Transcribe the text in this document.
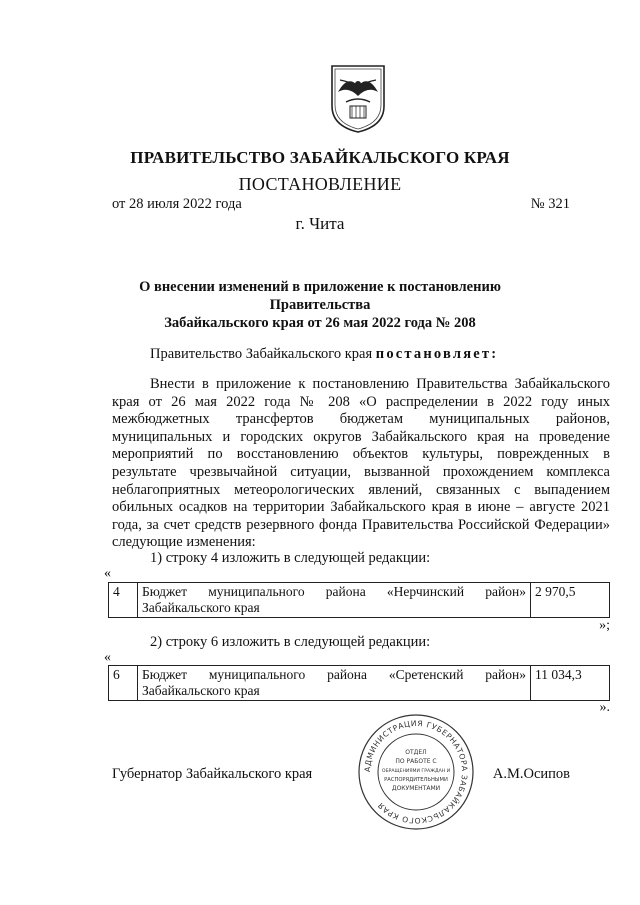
ПРАВИТЕЛЬСТВО ЗАБАЙКАЛЬСКОГО КРАЯ
ПОСТАНОВЛЕНИЕ
от 28 июля 2022 года	№ 321
г. Чита
О внесении изменений в приложение к постановлению Правительства
Забайкальского края от 26 мая 2022 года № 208
Правительство Забайкальского края постановляет:
Внести в приложение к постановлению Правительства Забайкальского края от 26 мая 2022 года № 208 «О распределении в 2022 году иных межбюджетных трансфертов бюджетам муниципальных районов, муниципальных и городских округов Забайкальского края на проведение мероприятий по восстановлению объектов культуры, поврежденных в результате чрезвычайной ситуации, вызванной прохождением комплекса неблагоприятных метеорологических явлений, связанных с выпадением обильных осадков на территории Забайкальского края в июне – августе 2021 года, за счет средств резервного фонда Правительства Российской Федерации» следующие изменения:
1) строку 4 изложить в следующей редакции:
«
4	Бюджет муниципального района «Нерчинский район»
Забайкальского края
	2 970,5
»;
2) строку 6 изложить в следующей редакции:
«
6	Бюджет муниципального района «Сретенский район»
Забайкальского края
	11 034,3
».
АДМИНИСТРАЦИЯ ГУБЕРНАТОРА ЗАБАЙКАЛЬСКОГО КРАЯ
ОТДЕЛ
ПО РАБОТЕ С
ОБРАЩЕНИЯМИ ГРАЖДАН И
РАСПОРЯДИТЕЛЬНЫМИ
ДОКУМЕНТАМИ
Губернатор Забайкальского края	А.М.Осипов
